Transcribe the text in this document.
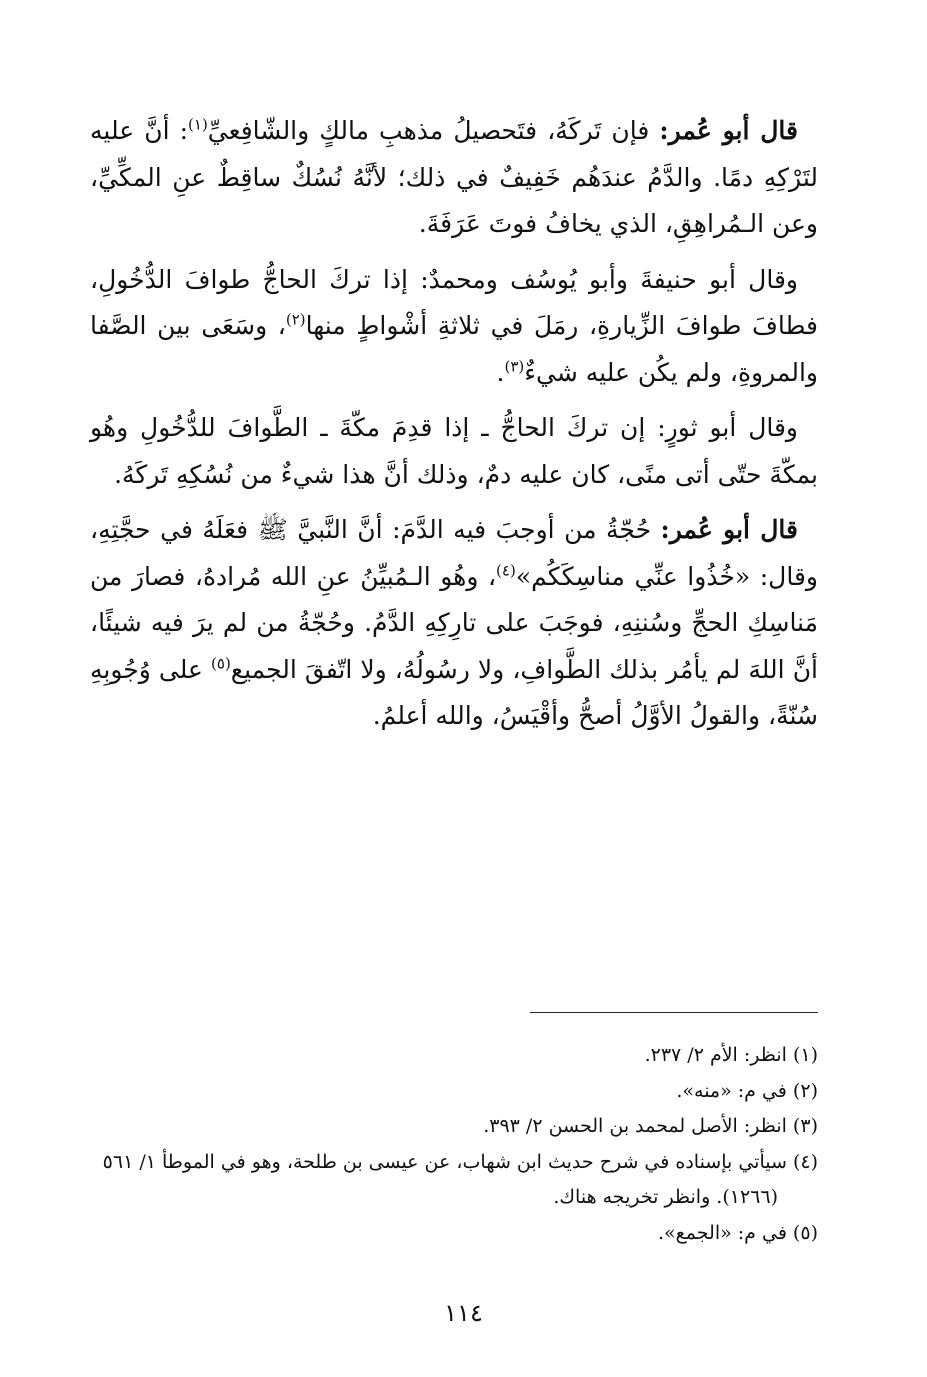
قال أبو عُمر: فإن تَركَهُ، فتَحصيلُ مذهبِ مالكٍ والشّافِعيِّ$^{(١)}$: أنَّ عليه لتَرْكِهِ دمًا. والدَّمُ عندَهُم خَفِيفٌ في ذلك؛ لأنَّهُ نُسُكٌ ساقِطٌ عنِ المكِّيِّ، وعن الـمُراهِقِ، الذي يخافُ فوتَ عَرَفَةَ.

وقال أبو حنيفةَ وأبو يُوسُف ومحمدٌ: إذا تركَ الحاجُّ طوافَ الدُّخُولِ، فطافَ طوافَ الزِّيارةِ، رمَلَ في ثلاثةِ أشْواطٍ منها$^{(٢)}$، وسَعَى بين الصَّفا والمروةِ، ولم يكُن عليه شيءٌ$^{(٣)}$.

وقال أبو ثورٍ: إن تركَ الحاجُّ ـ إذا قدِمَ مكّةَ ـ الطَّوافَ للدُّخُولِ وهُو بمكّةَ حتّى أتى منًى، كان عليه دمٌ، وذلك أنَّ هذا شيءٌ من نُسُكِهِ تَركَهُ.

قال أبو عُمر: حُجّةُ من أوجبَ فيه الدَّمَ: أنَّ النَّبيَّ ﷺ فعَلَهُ في حجَّتِهِ، وقال: «خُذُوا عنِّي مناسِكَكُم»$^{(٤)}$، وهُو الـمُبيِّنُ عنِ الله مُرادهُ، فصارَ من مَناسِكِ الحجِّ وسُننِهِ، فوجَبَ على تارِكِهِ الدَّمُ. وحُجّةُ من لم يرَ فيه شيئًا، أنَّ اللهَ لم يأمُر بذلك الطَّوافِ، ولا رسُولُهُ، ولا اتّفقَ الجميع$^{(٥)}$ على وُجُوبِهِ سُنّةً، والقولُ الأوَّلُ أصحُّ وأقْيَسُ، والله أعلمُ.

(١) انظر: الأم ٢/ ٢٣٧.

(٢) في م: «منه».

(٣) انظر: الأصل لمحمد بن الحسن ٢/ ٣٩٣.

(٤) سيأتي بإسناده في شرح حديث ابن شهاب، عن عيسى بن طلحة، وهو في الموطأ ١/ ٥٦١

(١٢٦٦). وانظر تخريجه هناك.

(٥) في م: «الجمع».

١١٤
